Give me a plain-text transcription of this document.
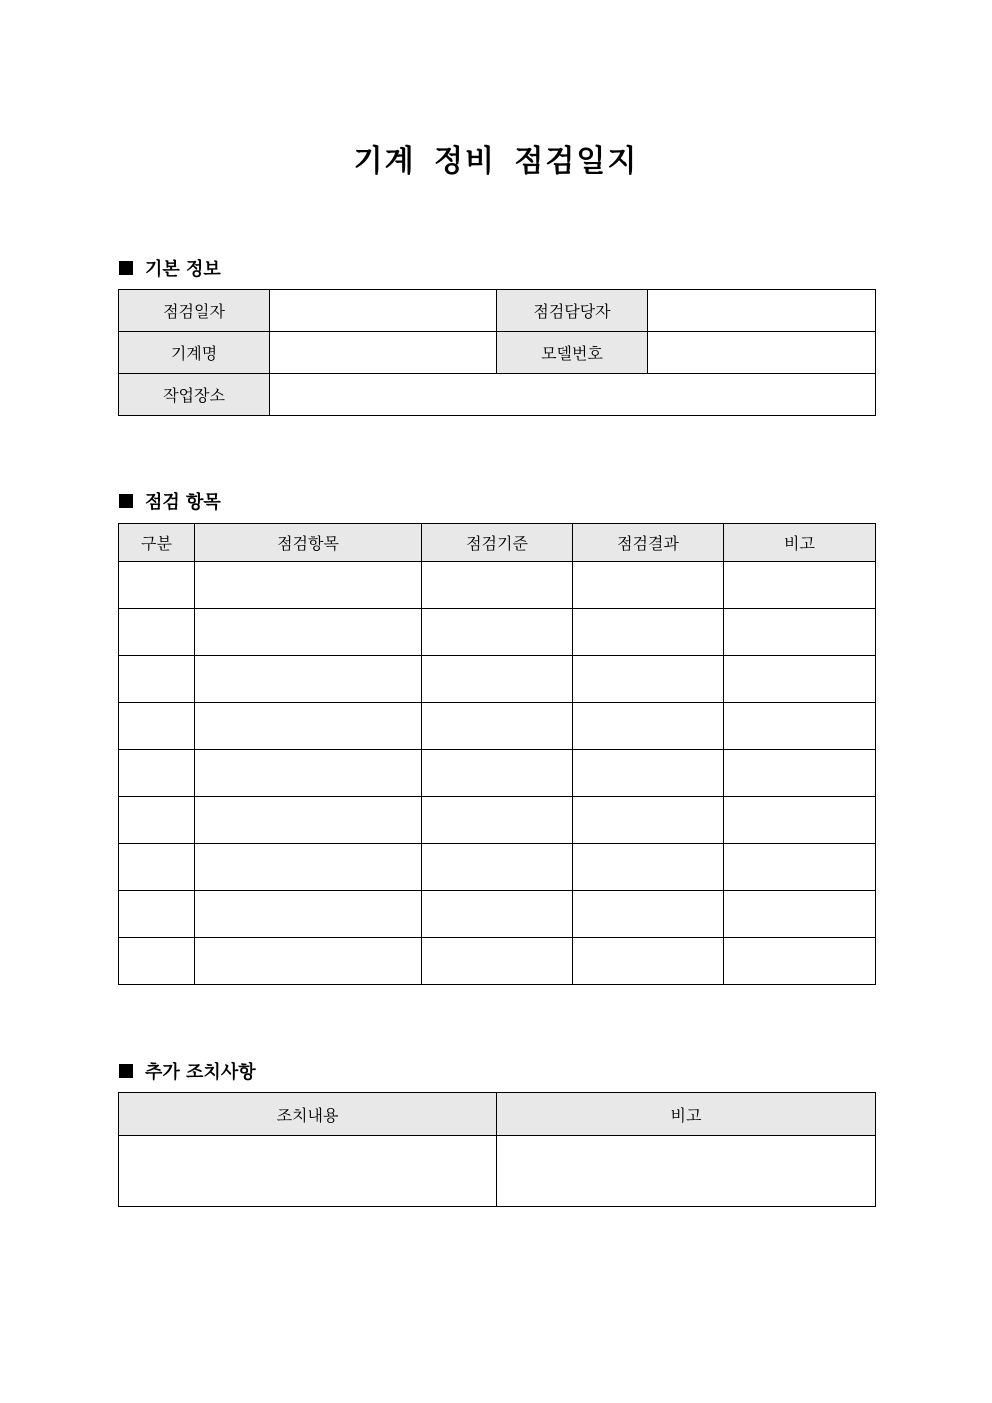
기계 정비 점검일지
기본 정보
점검일자		점검담당자	
기계명		모델번호	
작업장소			
점검 항목
구분	점검항목	점검기준	점검결과	비고

추가 조치사항
조치내용	비고
